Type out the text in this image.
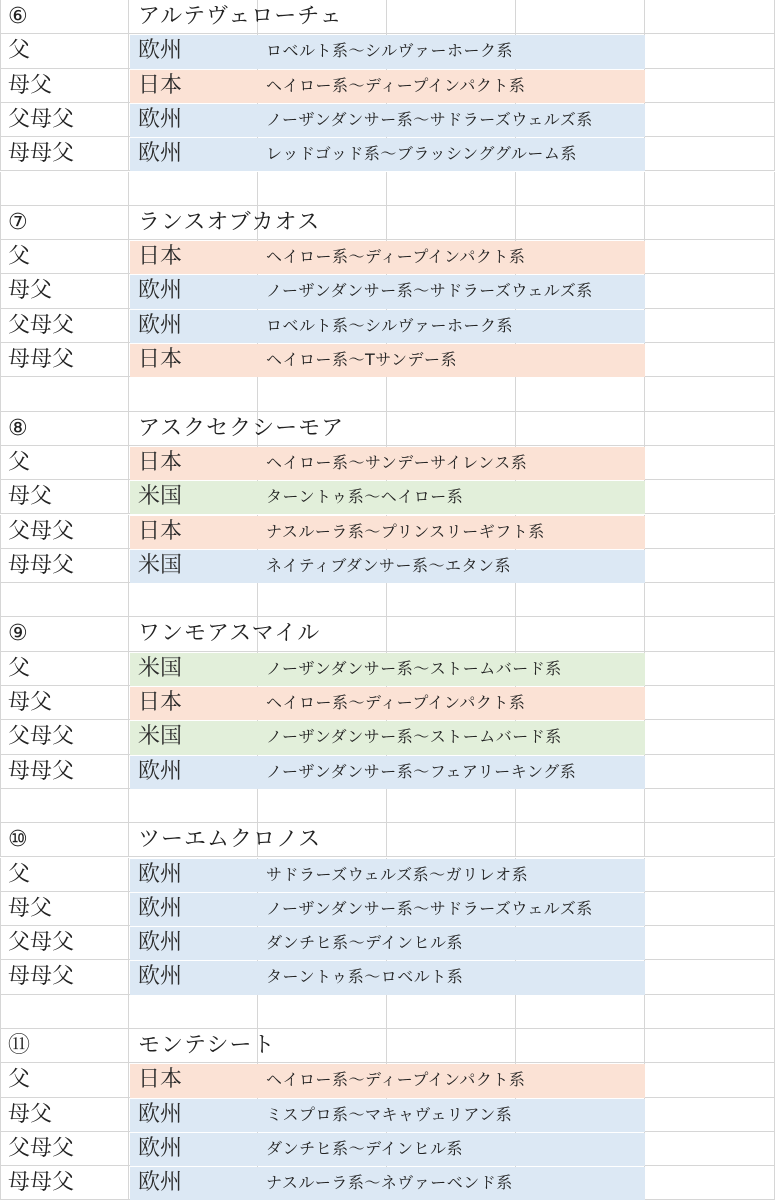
⑥	アルテヴェローチェ
父	欧州	ロベルト系〜シルヴァーホーク系
母父	日本	ヘイロー系〜ディープインパクト系
父母父	欧州	ノーザンダンサー系〜サドラーズウェルズ系
母母父	欧州	レッドゴッド系〜ブラッシンググルーム系
⑦	ランスオブカオス
父	日本	ヘイロー系〜ディープインパクト系
母父	欧州	ノーザンダンサー系〜サドラーズウェルズ系
父母父	欧州	ロベルト系〜シルヴァーホーク系
母母父	日本	ヘイロー系〜Tサンデー系
⑧	アスクセクシーモア
父	日本	ヘイロー系〜サンデーサイレンス系
母父	米国	ターントゥ系〜ヘイロー系
父母父	日本	ナスルーラ系〜プリンスリーギフト系
母母父	米国	ネイティブダンサー系〜エタン系
⑨	ワンモアスマイル
父	米国	ノーザンダンサー系〜ストームバード系
母父	日本	ヘイロー系〜ディープインパクト系
父母父	米国	ノーザンダンサー系〜ストームバード系
母母父	欧州	ノーザンダンサー系〜フェアリーキング系
⑩	ツーエムクロノス
父	欧州	サドラーズウェルズ系〜ガリレオ系
母父	欧州	ノーザンダンサー系〜サドラーズウェルズ系
父母父	欧州	ダンチヒ系〜デインヒル系
母母父	欧州	ターントゥ系〜ロベルト系
⑪	モンテシート
父	日本	ヘイロー系〜ディープインパクト系
母父	欧州	ミスプロ系〜マキャヴェリアン系
父母父	欧州	ダンチヒ系〜デインヒル系
母母父	欧州	ナスルーラ系〜ネヴァーベンド系
